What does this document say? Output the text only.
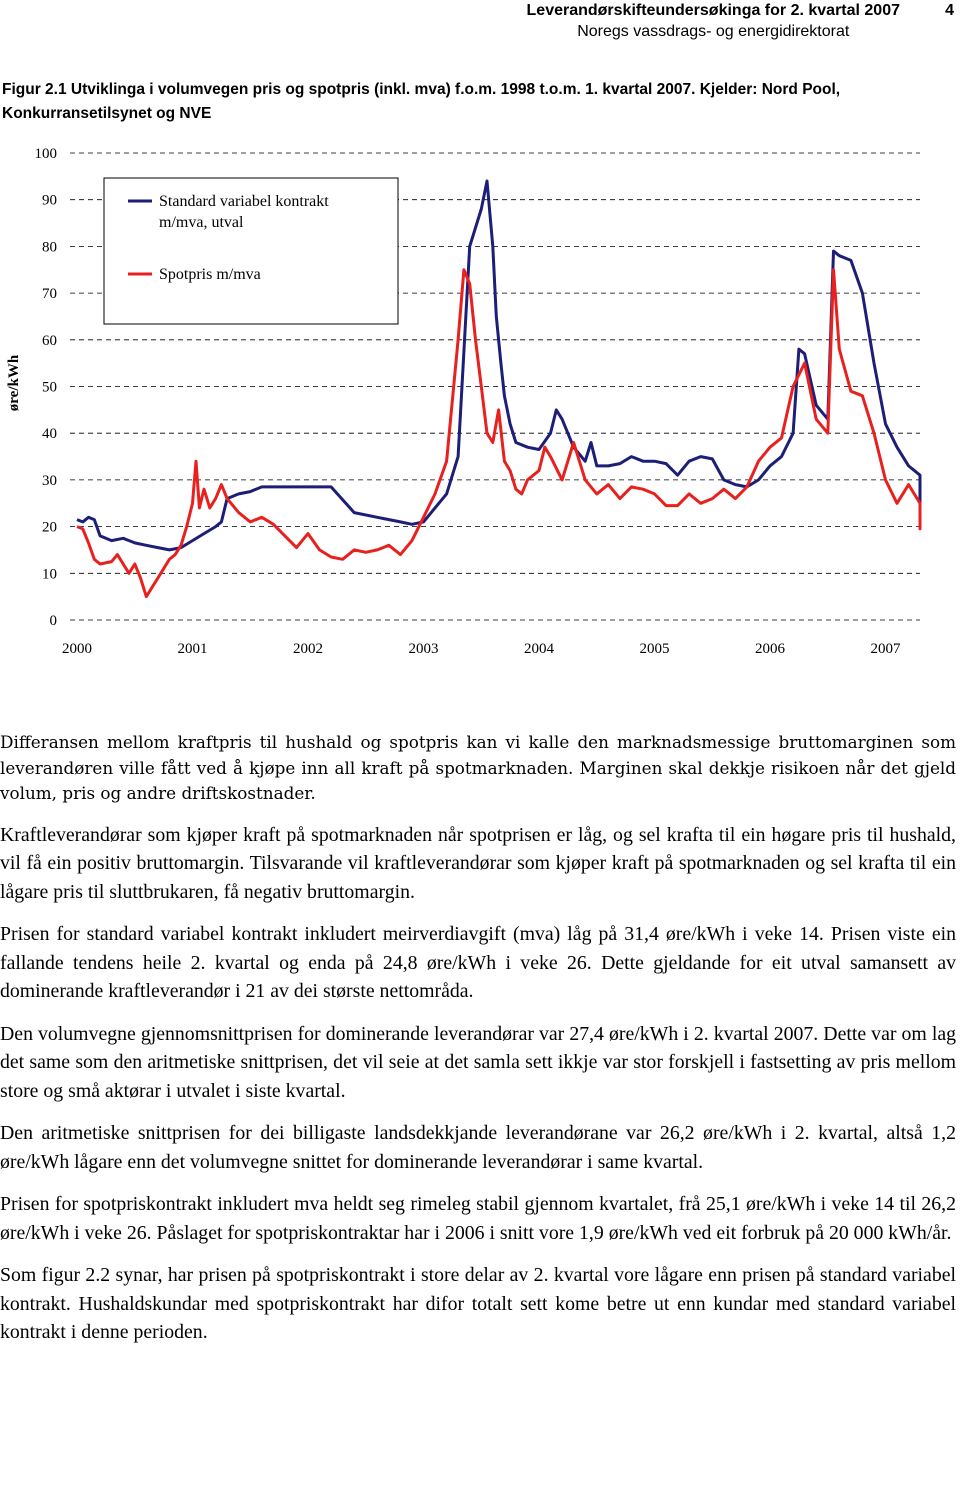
Leverandørskifteundersøkinga for 2. kvartal 2007
Noregs vassdrags- og energidirektorat
4
Figur 2.1 Utviklinga i volumvegen pris og spotpris (inkl. mva) f.o.m. 1998 t.o.m. 1. kvartal 2007. Kjelder: Nord Pool, Konkurransetilsynet og NVE
0
10
20
30
40
50
60
70
80
90
100
2000	2001	2002	2003	2004	2005	2006	2007
øre/kWh
Standard variabel kontrakt m/mva, utval
Spotpris m/mva

Differansen mellom kraftpris til hushald og spotpris kan vi kalle den marknadsmessige bruttomarginen som leverandøren ville fått ved å kjøpe inn all kraft på spotmarknaden. Marginen skal dekkje risikoen når det gjeld volum, pris og andre driftskostnader.

Kraftleverandørar som kjøper kraft på spotmarknaden når spotprisen er låg, og sel krafta til ein høgare pris til hushald, vil få ein positiv bruttomargin. Tilsvarande vil kraftleverandørar som kjøper kraft på spotmarknaden og sel krafta til ein lågare pris til sluttbrukaren, få negativ bruttomargin.

Prisen for standard variabel kontrakt inkludert meirverdiavgift (mva) låg på 31,4 øre/kWh i veke 14. Prisen viste ein fallande tendens heile 2. kvartal og enda på 24,8 øre/kWh i veke 26. Dette gjeldande for eit utval samansett av dominerande kraftleverandør i 21 av dei største nettområda.

Den volumvegne gjennomsnittprisen for dominerande leverandørar var 27,4 øre/kWh i 2. kvartal 2007. Dette var om lag det same som den aritmetiske snittprisen, det vil seie at det samla sett ikkje var stor forskjell i fastsetting av pris mellom store og små aktørar i utvalet i siste kvartal.

Den aritmetiske snittprisen for dei billigaste landsdekkjande leverandørane var 26,2 øre/kWh i 2. kvartal, altså 1,2 øre/kWh lågare enn det volumvegne snittet for dominerande leverandørar i same kvartal.

Prisen for spotpriskontrakt inkludert mva heldt seg rimeleg stabil gjennom kvartalet, frå 25,1 øre/kWh i veke 14 til 26,2 øre/kWh i veke 26. Påslaget for spotpriskontraktar har i 2006 i snitt vore 1,9 øre/kWh ved eit forbruk på 20 000 kWh/år.

Som figur 2.2 synar, har prisen på spotpriskontrakt i store delar av 2. kvartal vore lågare enn prisen på standard variabel kontrakt. Hushaldskundar med spotpriskontrakt har difor totalt sett kome betre ut enn kundar med standard variabel kontrakt i denne perioden.
